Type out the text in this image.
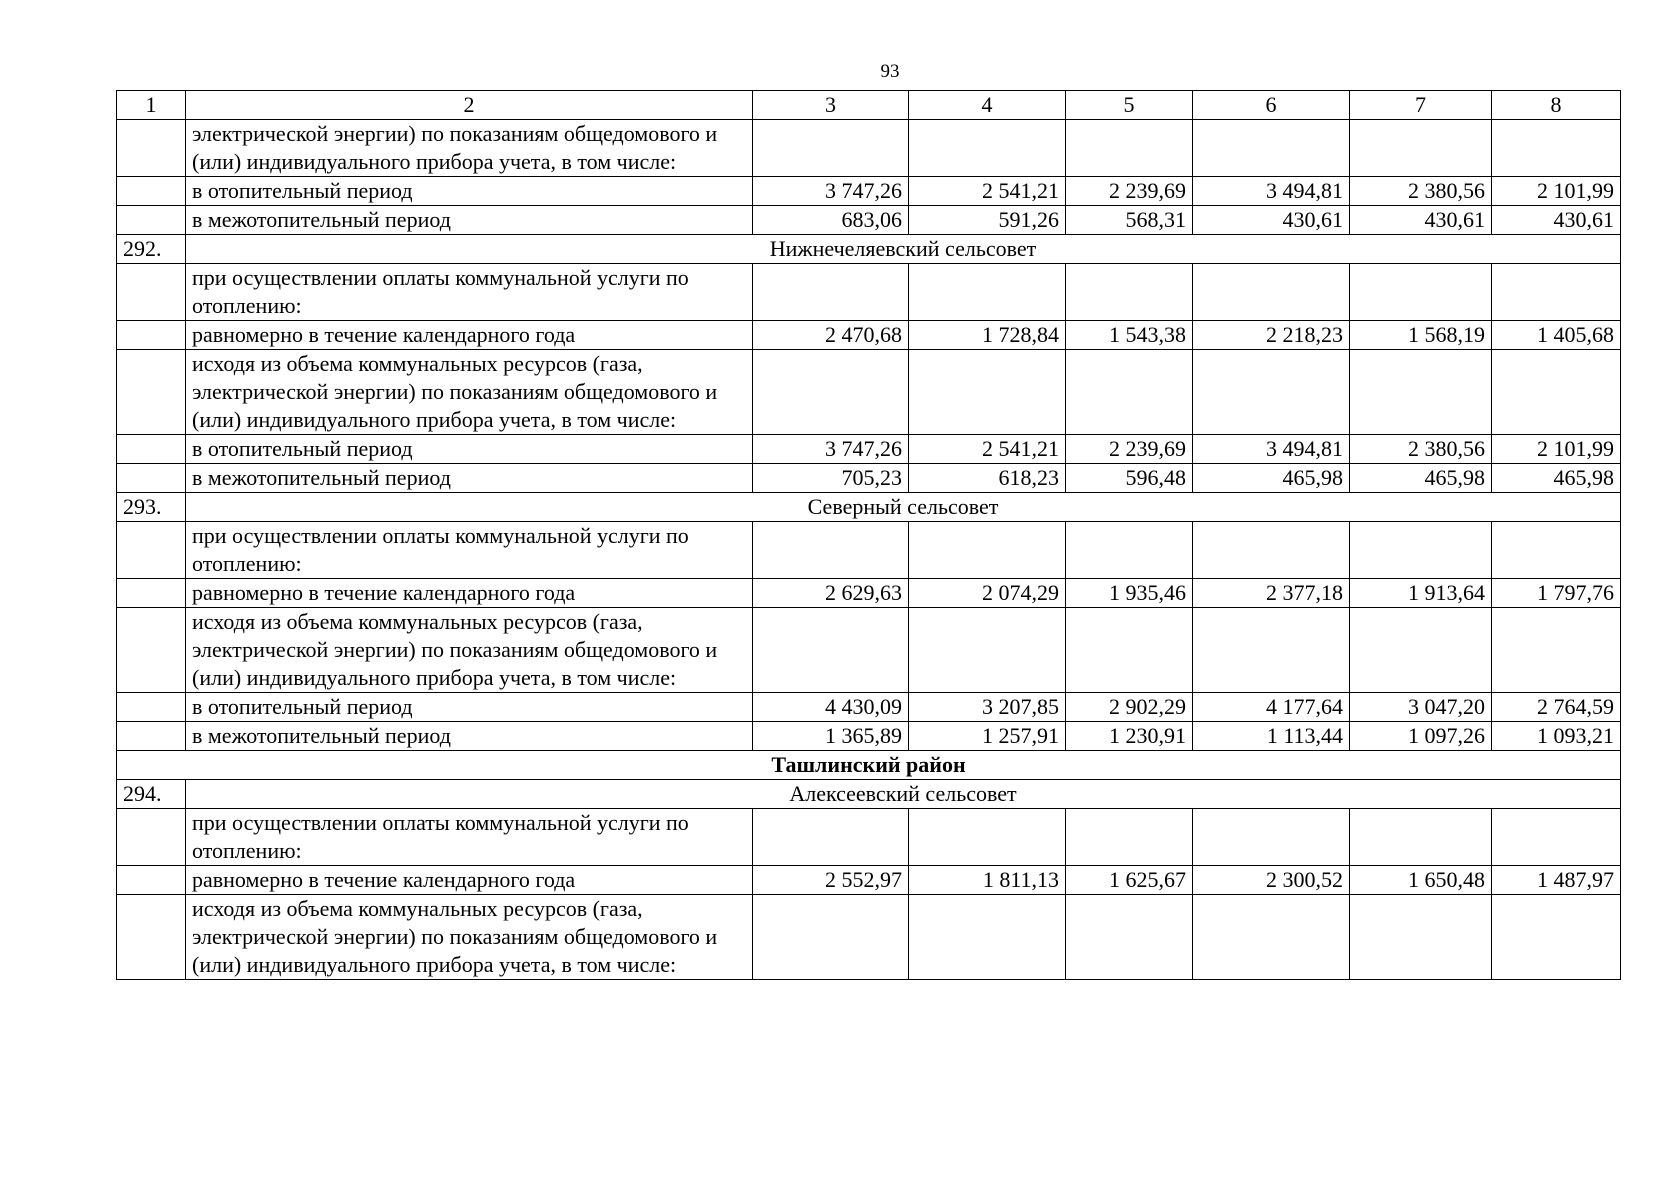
93
1	2	3	4	5	6	7	8
	электрической энергии) по показаниям общедомового и (или) индивидуального прибора учета, в том числе:						
	в отопительный период	3 747,26	2 541,21	2 239,69	3 494,81	2 380,56	2 101,99
	в межотопительный период	683,06	591,26	568,31	430,61	430,61	430,61
292.	Нижнечеляевский сельсовет						
	при осуществлении оплаты коммунальной услуги по отоплению:						
	равномерно в течение календарного года	2 470,68	1 728,84	1 543,38	2 218,23	1 568,19	1 405,68
	исходя из объема коммунальных ресурсов (газа, электрической энергии) по показаниям общедомового и (или) индивидуального прибора учета, в том числе:						
	в отопительный период	3 747,26	2 541,21	2 239,69	3 494,81	2 380,56	2 101,99
	в межотопительный период	705,23	618,23	596,48	465,98	465,98	465,98
293.	Северный сельсовет						
	при осуществлении оплаты коммунальной услуги по отоплению:						
	равномерно в течение календарного года	2 629,63	2 074,29	1 935,46	2 377,18	1 913,64	1 797,76
	исходя из объема коммунальных ресурсов (газа, электрической энергии) по показаниям общедомового и (или) индивидуального прибора учета, в том числе:						
	в отопительный период	4 430,09	3 207,85	2 902,29	4 177,64	3 047,20	2 764,59
	в межотопительный период	1 365,89	1 257,91	1 230,91	1 113,44	1 097,26	1 093,21
Ташлинский район							
294.	Алексеевский сельсовет						
	при осуществлении оплаты коммунальной услуги по отоплению:						
	равномерно в течение календарного года	2 552,97	1 811,13	1 625,67	2 300,52	1 650,48	1 487,97
	исходя из объема коммунальных ресурсов (газа, электрической энергии) по показаниям общедомового и (или) индивидуального прибора учета, в том числе:						
